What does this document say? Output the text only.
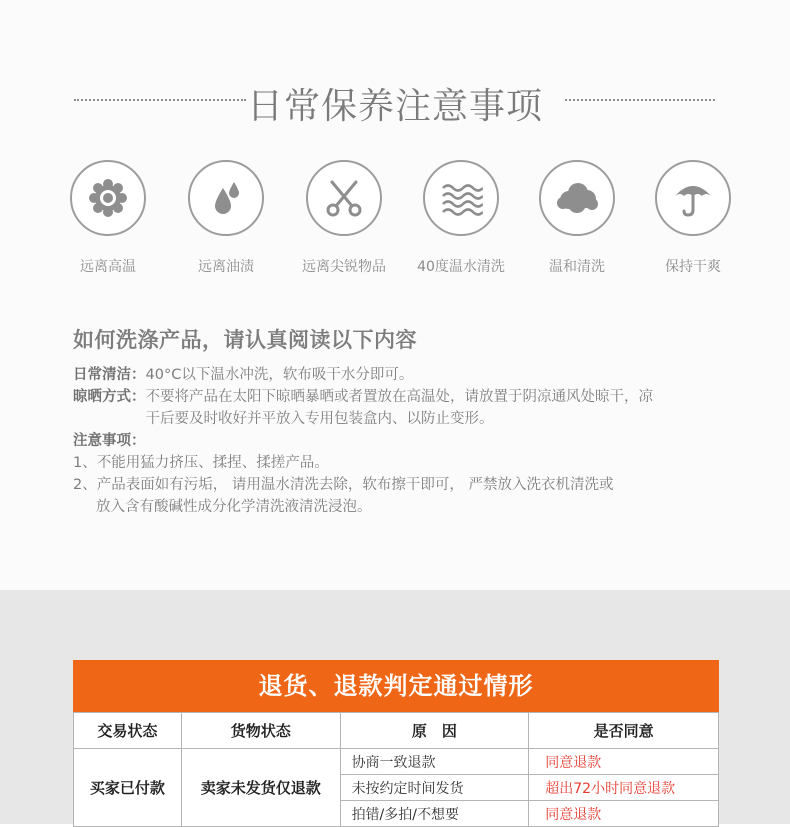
日常保养注意事项
远离高温	远离油渍	远离尖锐物品	40度温水清洗	温和清洗	保持干爽
如何洗涤产品，请认真阅读以下内容
日常清洁： 40°C以下温水冲洗，软布吸干水分即可。
晾晒方式： 不要将产品在太阳下晾晒暴晒或者置放在高温处，请放置于阴凉通风处晾干，凉
干后要及时收好并平放入专用包装盒内、以防止变形。
注意事项：
1、不能用猛力挤压、揉捏、揉搓产品。
2、产品表面如有污垢， 请用温水清洗去除，软布擦干即可， 严禁放入洗衣机清洗或
放入含有酸碱性成分化学清洗液清洗浸泡。
退货、退款判定通过情形
交易状态	货物状态	原　因	是否同意
买家已付款	卖家未发货仅退款	协商一致退款	同意退款
		未按约定时间发货	超出72小时同意退款
		拍错/多拍/不想要	同意退款
